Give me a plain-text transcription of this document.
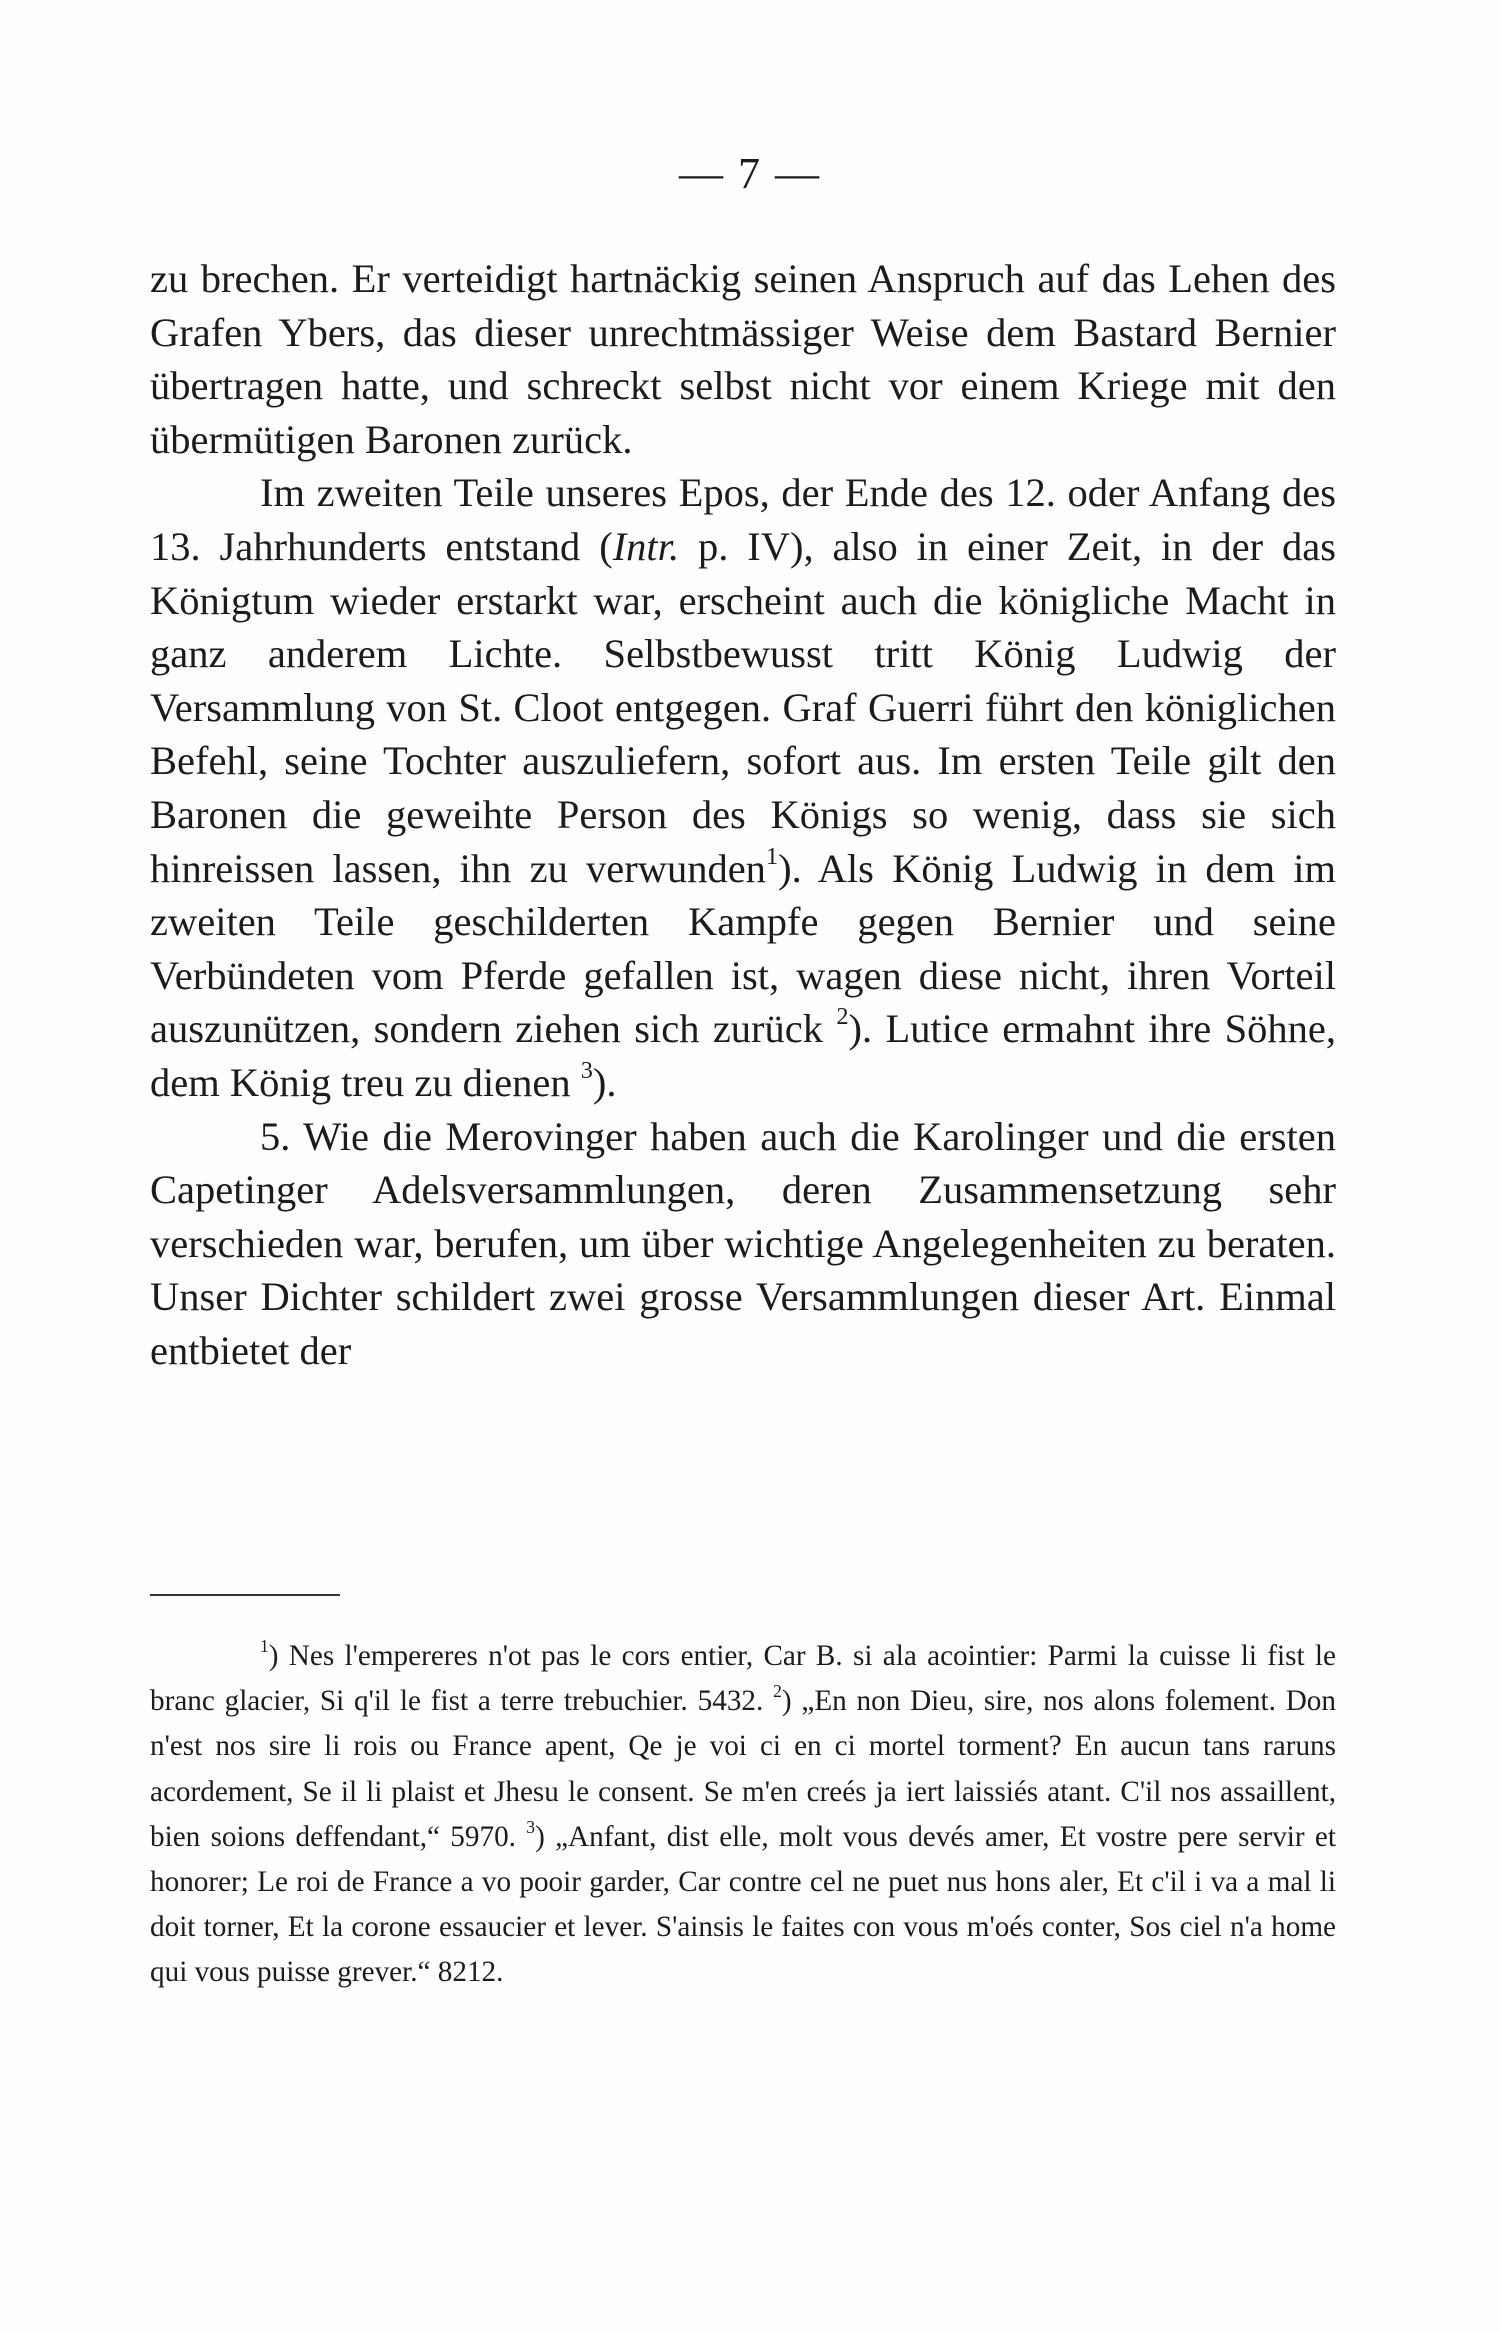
— 7 —

zu brechen. Er verteidigt hartnäckig seinen Anspruch auf das Lehen des Grafen Ybers, das dieser unrechtmässiger Weise dem Bastard Bernier übertragen hatte, und schreckt selbst nicht vor einem Kriege mit den übermütigen Baronen zurück.

Im zweiten Teile unseres Epos, der Ende des 12. oder Anfang des 13. Jahrhunderts entstand (Intr. p. IV), also in einer Zeit, in der das Königtum wieder erstarkt war, erscheint auch die königliche Macht in ganz anderem Lichte. Selbstbewusst tritt König Ludwig der Versammlung von St. Cloot entgegen. Graf Guerri führt den königlichen Befehl, seine Tochter auszuliefern, sofort aus. Im ersten Teile gilt den Baronen die geweihte Person des Königs so wenig, dass sie sich hinreissen lassen, ihn zu verwunden$^1$). Als König Ludwig in dem im zweiten Teile geschilderten Kampfe gegen Bernier und seine Verbündeten vom Pferde gefallen ist, wagen diese nicht, ihren Vorteil auszunützen, sondern ziehen sich zurück $^2$). Lutice ermahnt ihre Söhne, dem König treu zu dienen $^3$).

5. Wie die Merovinger haben auch die Karolinger und die ersten Capetinger Adelsversammlungen, deren Zusammensetzung sehr verschieden war, berufen, um über wichtige Angelegenheiten zu beraten. Unser Dichter schildert zwei grosse Versammlungen dieser Art. Einmal entbietet der

$^1$) Nes l'empereres n'ot pas le cors entier, Car B. si ala acointier: Parmi la cuisse li fist le branc glacier, Si q'il le fist a terre trebuchier. 5432. $^2$) „En non Dieu, sire, nos alons folement. Don n'est nos sire li rois ou France apent, Qe je voi ci en ci mortel torment? En aucun tans raruns acordement, Se il li plaist et Jhesu le consent. Se m'en creés ja iert laissiés atant. C'il nos assaillent, bien soions deffendant,“ 5970. $^3$) „Anfant, dist elle, molt vous devés amer, Et vostre pere servir et honorer; Le roi de France a vo pooir garder, Car contre cel ne puet nus hons aler, Et c'il i va a mal li doit torner, Et la corone essaucier et lever. S'ainsis le faites con vous m'oés conter, Sos ciel n'a home qui vous puisse grever.“ 8212.
